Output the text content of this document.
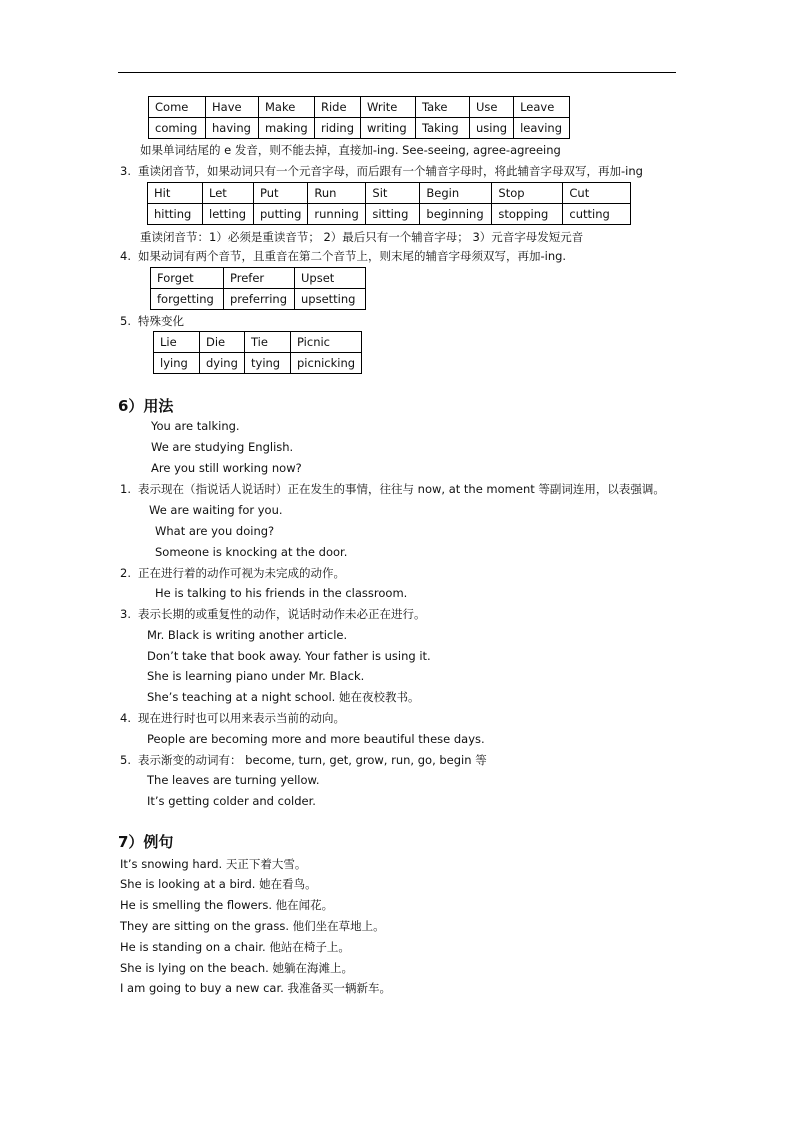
Come	Have	Make	Ride	Write	Take	Use	Leave
coming	having	making	riding	writing	Taking	using	leaving
如果单词结尾的 e 发音，则不能去掉，直接加-ing. See-seeing, agree-agreeing
3. 重读闭音节，如果动词只有一个元音字母，而后跟有一个辅音字母时，将此辅音字母双写，再加-ing
Hit	Let	Put	Run	Sit	Begin	Stop	Cut
hitting	letting	putting	running	sitting	beginning	stopping	cutting
重读闭音节：1）必须是重读音节； 2）最后只有一个辅音字母； 3）元音字母发短元音
4. 如果动词有两个音节，且重音在第二个音节上，则末尾的辅音字母须双写，再加-ing.
Forget	Prefer	Upset
forgetting	preferring	upsetting
5. 特殊变化
Lie	Die	Tie	Picnic
lying	dying	tying	picnicking
6）用法
You are talking.
We are studying English.
Are you still working now?
1. 表示现在（指说话人说话时）正在发生的事情，往往与 now, at the moment 等副词连用，以表强调。
We are waiting for you.
What are you doing?
Someone is knocking at the door.
2. 正在进行着的动作可视为未完成的动作。
He is talking to his friends in the classroom.
3. 表示长期的或重复性的动作，说话时动作未必正在进行。
Mr. Black is writing another article.
Don’t take that book away. Your father is using it.
She is learning piano under Mr. Black.
She’s teaching at a night school. 她在夜校教书。
4. 现在进行时也可以用来表示当前的动向。
People are becoming more and more beautiful these days.
5. 表示渐变的动词有： become, turn, get, grow, run, go, begin 等
The leaves are turning yellow.
It’s getting colder and colder.
7）例句
It’s snowing hard. 天正下着大雪。
She is looking at a bird. 她在看鸟。
He is smelling the flowers. 他在闻花。
They are sitting on the grass. 他们坐在草地上。
He is standing on a chair. 他站在椅子上。
She is lying on the beach. 她躺在海滩上。
I am going to buy a new car. 我准备买一辆新车。
